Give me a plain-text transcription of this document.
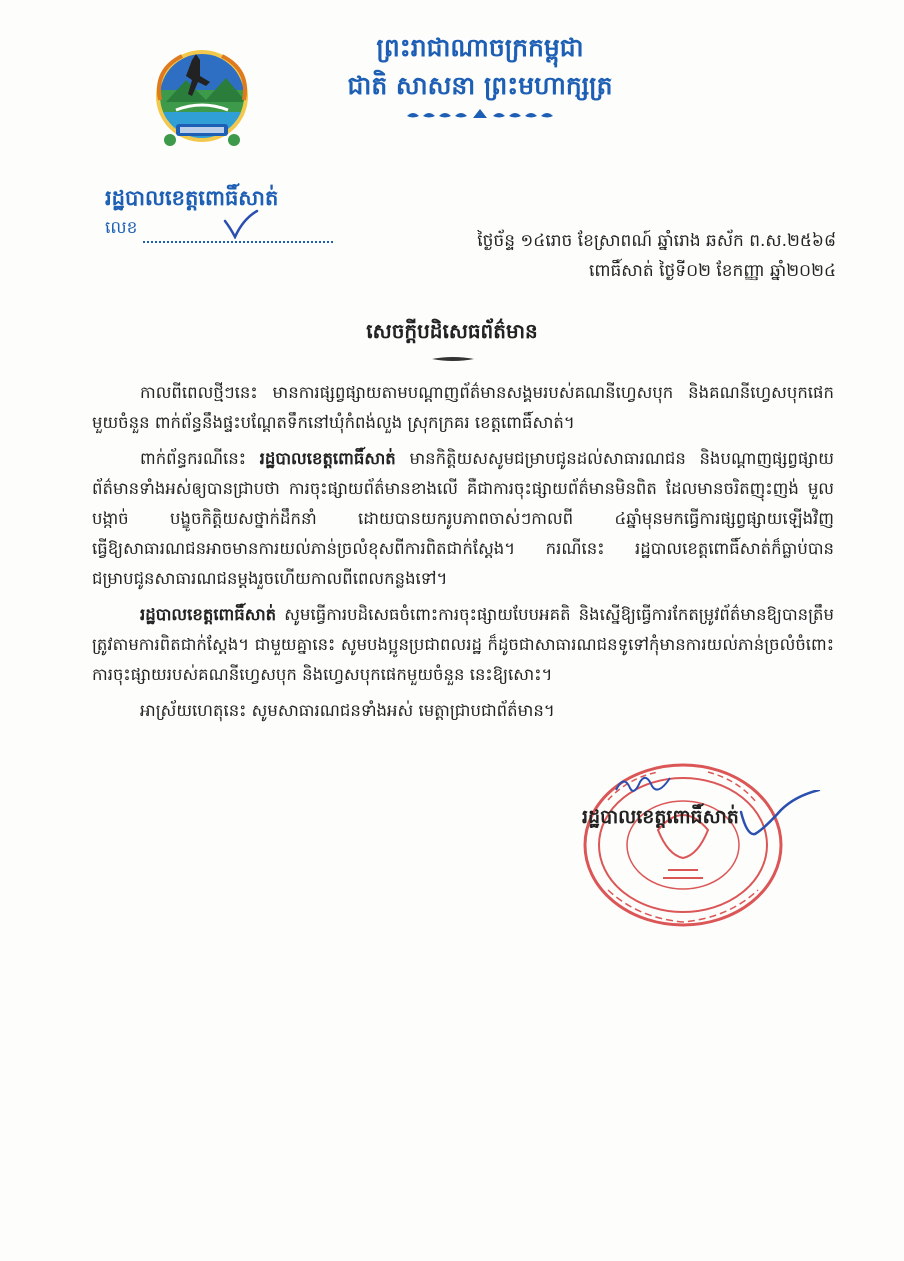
ព្រះរាជាណាចក្រកម្ពុជា
ជាតិ សាសនា ព្រះមហាក្សត្រ
រដ្ឋបាលខេត្តពោធិ៍សាត់
លេខ
ថ្ងៃច័ន្ទ ១៤រោច ខែស្រាពណ៍ ឆ្នាំរោង ឆស័ក ព.ស.២៥៦៨
ពោធិ៍សាត់ ថ្ងៃទី០២ ខែកញ្ញា ឆ្នាំ២០២៤
សេចក្តីបដិសេធព័ត៌មាន

កាលពីពេលថ្មីៗនេះ មានការផ្សព្វផ្សាយតាមបណ្តាញព័ត៌មានសង្គមរបស់គណនីហ្វេសបុក និងគណនីហ្វេសបុកផេកមួយចំនួន ពាក់ព័ន្ធនឹងផ្ទះបណ្តែតទឹកនៅឃុំកំពង់លួង ស្រុកក្រគរ ខេត្តពោធិ៍សាត់។

ពាក់ព័ន្ធករណីនេះ រដ្ឋបាលខេត្តពោធិ៍សាត់ មានកិត្តិយសសូមជម្រាបជូនដល់សាធារណជន និងបណ្តាញផ្សព្វផ្សាយព័ត៌មានទាំងអស់ឲ្យបានជ្រាបថា ការចុះផ្សាយព័ត៌មានខាងលើ គឺជាការចុះផ្សាយព័ត៌មានមិនពិត ដែលមានចរិតញុះញង់ មួលបង្កាច់ បង្ខូចកិត្តិយសថ្នាក់ដឹកនាំ ដោយបានយករូបភាពចាស់ៗកាលពី ៤ឆ្នាំមុនមកធ្វើការផ្សព្វផ្សាយឡើងវិញ ធ្វើឱ្យសាធារណជនអាចមានការយល់ភាន់ច្រលំខុសពីការពិតជាក់ស្តែង។ ករណីនេះ រដ្ឋបាលខេត្តពោធិ៍សាត់ក៏ធ្លាប់បានជម្រាបជូនសាធារណជនម្តងរួចហើយកាលពីពេលកន្លងទៅ។

រដ្ឋបាលខេត្តពោធិ៍សាត់ សូមធ្វើការបដិសេធចំពោះការចុះផ្សាយបែបអគតិ និងស្នើឱ្យធ្វើការកែតម្រូវព័ត៌មានឱ្យបានត្រឹមត្រូវតាមការពិតជាក់ស្តែង។ ជាមួយគ្នានេះ សូមបងប្អូនប្រជាពលរដ្ឋ ក៏ដូចជាសាធារណជនទូទៅកុំមានការយល់ភាន់ច្រលំចំពោះការចុះផ្សាយរបស់គណនីហ្វេសបុក និងហ្វេសបុកផេកមួយចំនួន នេះឱ្យសោះ។

អាស្រ័យហេតុនេះ សូមសាធារណជនទាំងអស់ មេត្តាជ្រាបជាព័ត៌មាន។

រដ្ឋបាលខេត្តពោធិ៍សាត់
